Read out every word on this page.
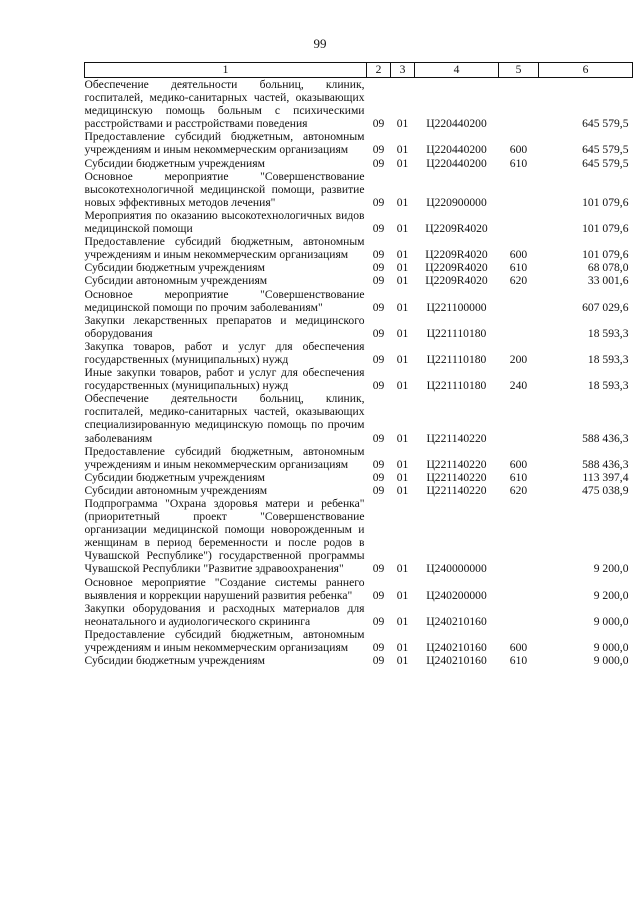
99
1	2	3	4	5	6
Обеспечение деятельности больниц, клиник, госпиталей, медико-санитарных частей, оказывающих медицинскую помощь больным с психическими расстройствами и расстройствами поведения	09	01	Ц220440200		645 579,5
Предоставление субсидий бюджетным, автономным учреждениям и иным некоммерческим организациям	09	01	Ц220440200	600	645 579,5
Субсидии бюджетным учреждениям	09	01	Ц220440200	610	645 579,5
Основное мероприятие "Совершенствование высокотехнологичной медицинской помощи, развитие новых эффективных методов лечения"	09	01	Ц220900000		101 079,6
Мероприятия по оказанию высокотехнологичных видов медицинской помощи	09	01	Ц2209R4020		101 079,6
Предоставление субсидий бюджетным, автономным учреждениям и иным некоммерческим организациям	09	01	Ц2209R4020	600	101 079,6
Субсидии бюджетным учреждениям	09	01	Ц2209R4020	610	68 078,0
Субсидии автономным учреждениям	09	01	Ц2209R4020	620	33 001,6
Основное мероприятие "Совершенствование медицинской помощи по прочим заболеваниям"	09	01	Ц221100000		607 029,6
Закупки лекарственных препаратов и медицинского оборудования	09	01	Ц221110180		18 593,3
Закупка товаров, работ и услуг для обеспечения государственных (муниципальных) нужд	09	01	Ц221110180	200	18 593,3
Иные закупки товаров, работ и услуг для обеспечения государственных (муниципальных) нужд	09	01	Ц221110180	240	18 593,3
Обеспечение деятельности больниц, клиник, госпиталей, медико-санитарных частей, оказывающих специализированную медицинскую помощь по прочим заболеваниям	09	01	Ц221140220		588 436,3
Предоставление субсидий бюджетным, автономным учреждениям и иным некоммерческим организациям	09	01	Ц221140220	600	588 436,3
Субсидии бюджетным учреждениям	09	01	Ц221140220	610	113 397,4
Субсидии автономным учреждениям	09	01	Ц221140220	620	475 038,9
Подпрограмма "Охрана здоровья матери и ребенка" (приоритетный проект "Совершенствование организации медицинской помощи новорожденным и женщинам в период беременности и после родов в Чувашской Республике") государственной программы Чувашской Республики "Развитие здравоохранения"	09	01	Ц240000000		9 200,0
Основное мероприятие "Создание системы раннего выявления и коррекции нарушений развития ребенка"	09	01	Ц240200000		9 200,0
Закупки оборудования и расходных материалов для неонатального и аудиологического скрининга	09	01	Ц240210160		9 000,0
Предоставление субсидий бюджетным, автономным учреждениям и иным некоммерческим организациям	09	01	Ц240210160	600	9 000,0
Субсидии бюджетным учреждениям	09	01	Ц240210160	610	9 000,0
